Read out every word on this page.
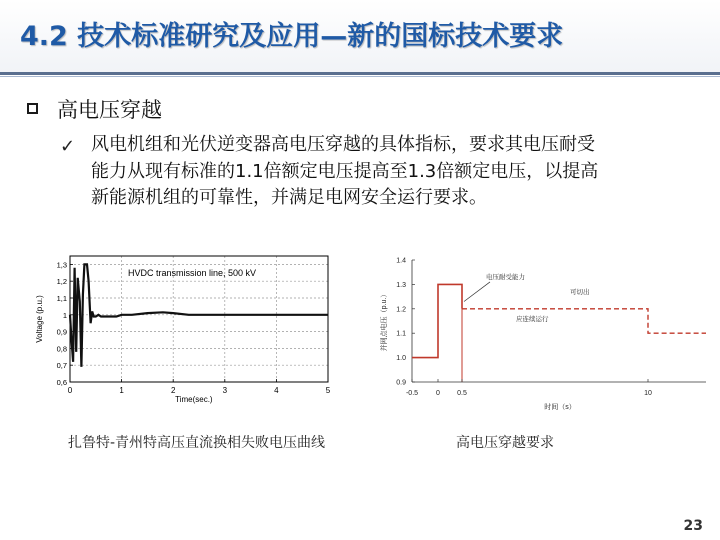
4.2 技术标准研究及应用—新的国标技术要求
高电压穿越
✓ 风电机组和光伏逆变器高电压穿越的具体指标，要求其电压耐受
能力从现有标准的1.1倍额定电压提高至1.3倍额定电压，以提高
新能源机组的可靠性，并满足电网安全运行要求。
0	1	2	3	4	5
0,6
0,7
0,8
0,9
1
1,1
1,2
1,3
HVDC transmission line, 500 kV
Time(sec.)
Voltage (p.u.)
0.9
1.0
1.1
1.2
1.3
1.4
-0.5	0 0.5	10
电压耐受能力
可切出
应连续运行
时间（s）
并网点电压（p.u.）
扎鲁特-青州特高压直流换相失败电压曲线	高电压穿越要求
23
